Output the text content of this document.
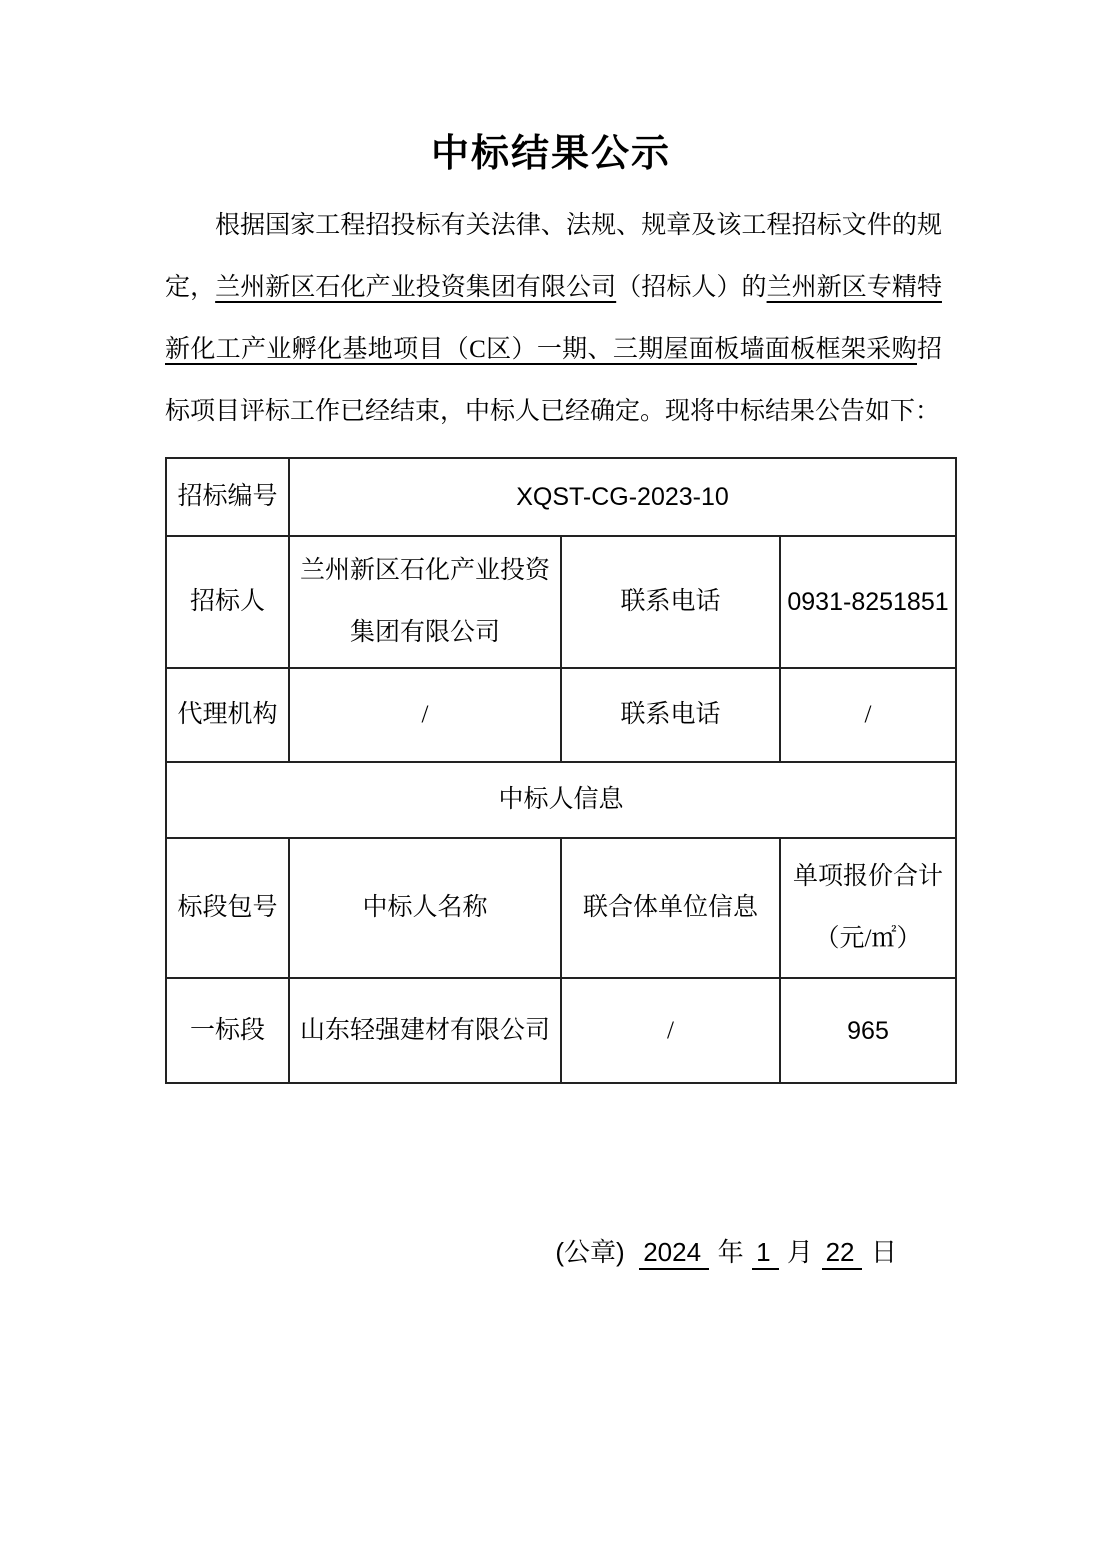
中标结果公示
根据国家工程招投标有关法律、法规、规章及该工程招标文件的规定，兰州新区石化产业投资集团有限公司（招标人）的兰州新区专精特新化工产业孵化基地项目（C区）一期、三期屋面板墙面板框架采购招标项目评标工作已经结束，中标人已经确定。现将中标结果公告如下：
招标编号	XQST-CG-2023-10		
招标人	兰州新区石化产业投资集团有限公司	联系电话	0931-8251851
代理机构	/	联系电话	/
中标人信息			
标段包号	中标人名称	联合体单位信息	单项报价合计
（元/㎡）

一标段	山东轻强建材有限公司	/	965
(公章) 2024 年 1 月 22 日
